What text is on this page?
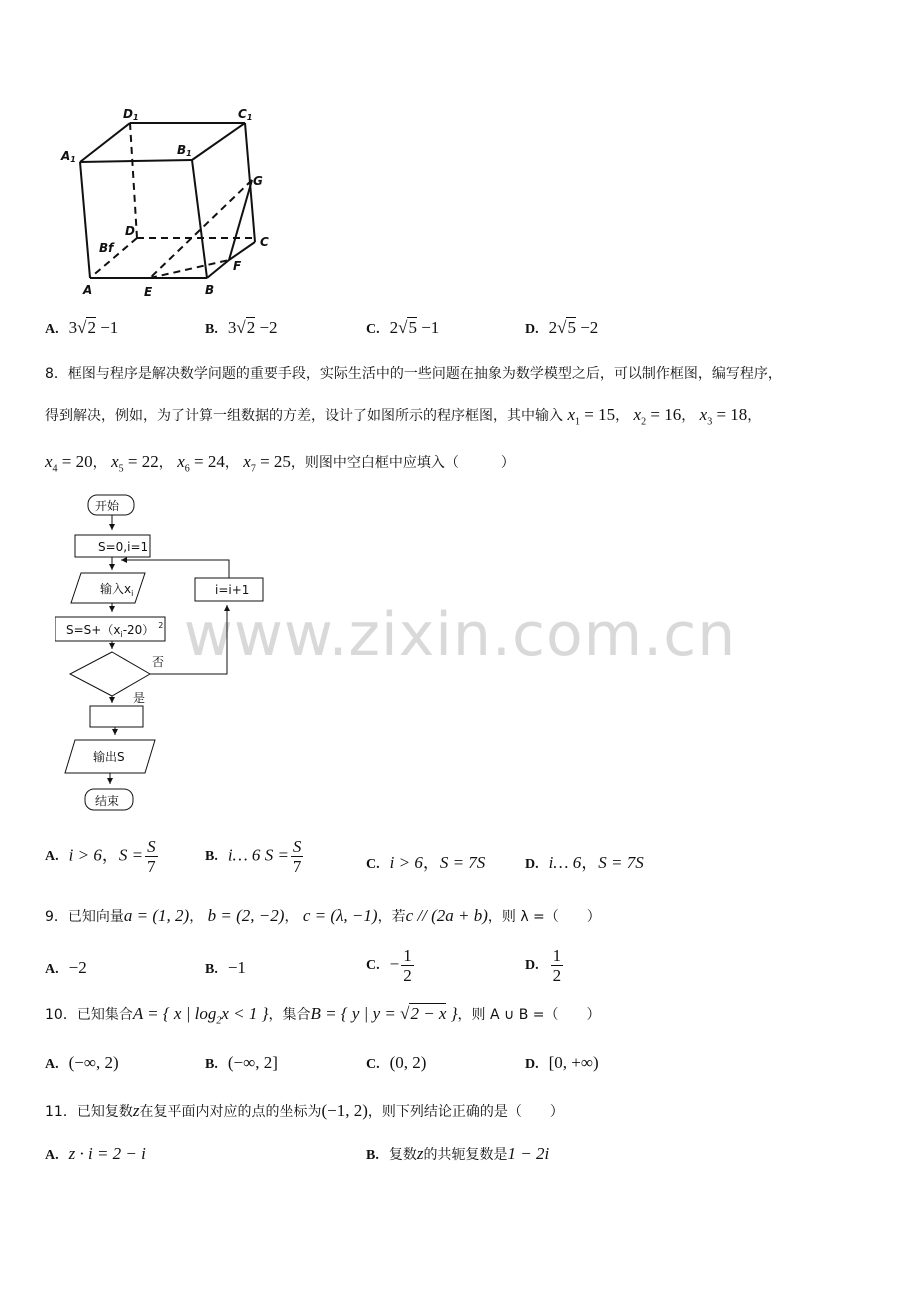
www.zixin.com.cn
D1	C1
A1
B1
G
D
Bf	C
A	E	B
F
A. 3√2 −1	B. 3√2 −2	C. 2√5 −1	D. 2√5 −2
8．框图与程序是解决数学问题的重要手段，实际生活中的一些问题在抽象为数学模型之后，可以制作框图，编写程序，
得到解决，例如，为了计算一组数据的方差，设计了如图所示的程序框图，其中输入 $x_1 = 15$， $x_2 = 16$， $x_3 = 18$，
$x_4 = 20$， $x_5 = 22$， $x_6 = 24$， $x_7 = 25$，则图中空白框中应填入（　　　）
开始
S=0,i=1
输入$x_i$
$S=S+(x_i-20)$ $^2$
否
是
i=i+1
输出S
结束
A. i > 6，$S = \frac{S}{7}$	B. i… 6 $S = \frac{S}{7}$	C. i > 6，S = 7S	D. i… 6，S = 7S
9．已知向量a = (1, 2)， b = (2, −2)， c = (λ, −1)，若c // (2a + b)，则 λ =（　　）
A. −2	B. −1	C. − $\frac{1}{2}$	D. $\frac{1}{2}$
10．已知集合A = { x | $\log_2x < 1$ }，集合B = { y | y = √2 − x }，则 A ∪ B =（　　）
A. (−∞, 2)	B. (−∞, 2]	C. (0, 2)	D. [0, +∞)
11．已知复数z在复平面内对应的点的坐标为(−1, 2)，则下列结论正确的是（　　）
A. z · i = 2 − i	B. 复数z的共轭复数是1 − 2i
